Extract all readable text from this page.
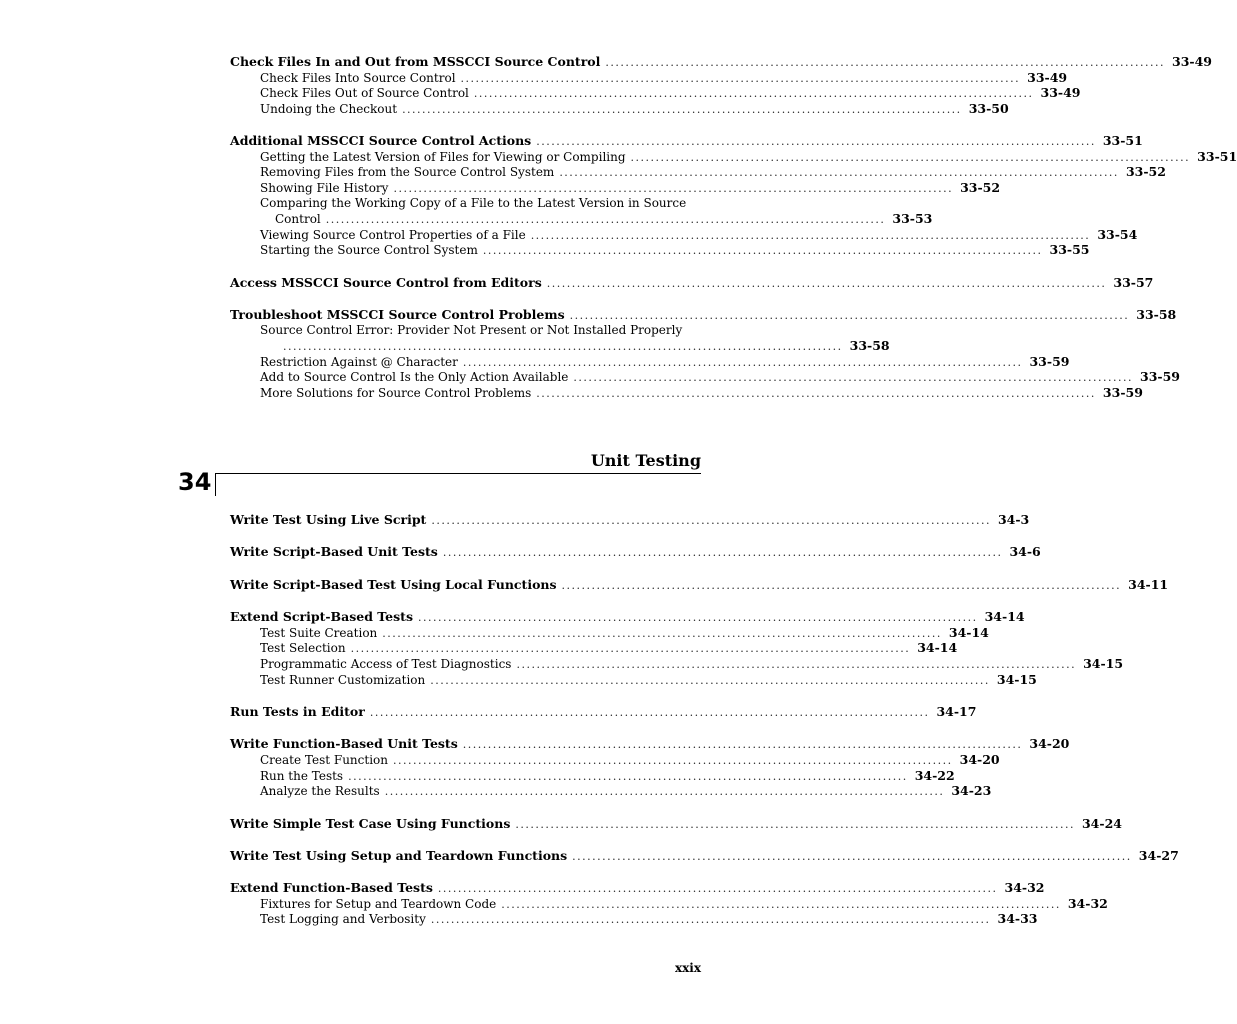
Check Files In and Out from MSSCCI Source Control ................................................................................................................ 33-49
Check Files Into Source Control ................................................................................................................ 33-49
Check Files Out of Source Control ................................................................................................................ 33-49
Undoing the Checkout ................................................................................................................ 33-50
Additional MSSCCI Source Control Actions ................................................................................................................ 33-51
Getting the Latest Version of Files for Viewing or Compiling ................................................................................................................ 33-51
Removing Files from the Source Control System ................................................................................................................ 33-52
Showing File History ................................................................................................................ 33-52
Comparing the Working Copy of a File to the Latest Version in Source
Control ................................................................................................................ 33-53
Viewing Source Control Properties of a File ................................................................................................................ 33-54
Starting the Source Control System ................................................................................................................ 33-55
Access MSSCCI Source Control from Editors ................................................................................................................ 33-57
Troubleshoot MSSCCI Source Control Problems ................................................................................................................ 33-58
Source Control Error: Provider Not Present or Not Installed Properly
................................................................................................................ 33-58
Restriction Against @ Character ................................................................................................................ 33-59
Add to Source Control Is the Only Action Available ................................................................................................................ 33-59
More Solutions for Source Control Problems ................................................................................................................ 33-59
34
Unit Testing
Write Test Using Live Script ................................................................................................................ 34-3
Write Script-Based Unit Tests ................................................................................................................ 34-6
Write Script-Based Test Using Local Functions ................................................................................................................ 34-11
Extend Script-Based Tests ................................................................................................................ 34-14
Test Suite Creation ................................................................................................................ 34-14
Test Selection ................................................................................................................ 34-14
Programmatic Access of Test Diagnostics ................................................................................................................ 34-15
Test Runner Customization ................................................................................................................ 34-15
Run Tests in Editor ................................................................................................................ 34-17
Write Function-Based Unit Tests ................................................................................................................ 34-20
Create Test Function ................................................................................................................ 34-20
Run the Tests ................................................................................................................ 34-22
Analyze the Results ................................................................................................................ 34-23
Write Simple Test Case Using Functions ................................................................................................................ 34-24
Write Test Using Setup and Teardown Functions ................................................................................................................ 34-27
Extend Function-Based Tests ................................................................................................................ 34-32
Fixtures for Setup and Teardown Code ................................................................................................................ 34-32
Test Logging and Verbosity ................................................................................................................ 34-33
xxix
